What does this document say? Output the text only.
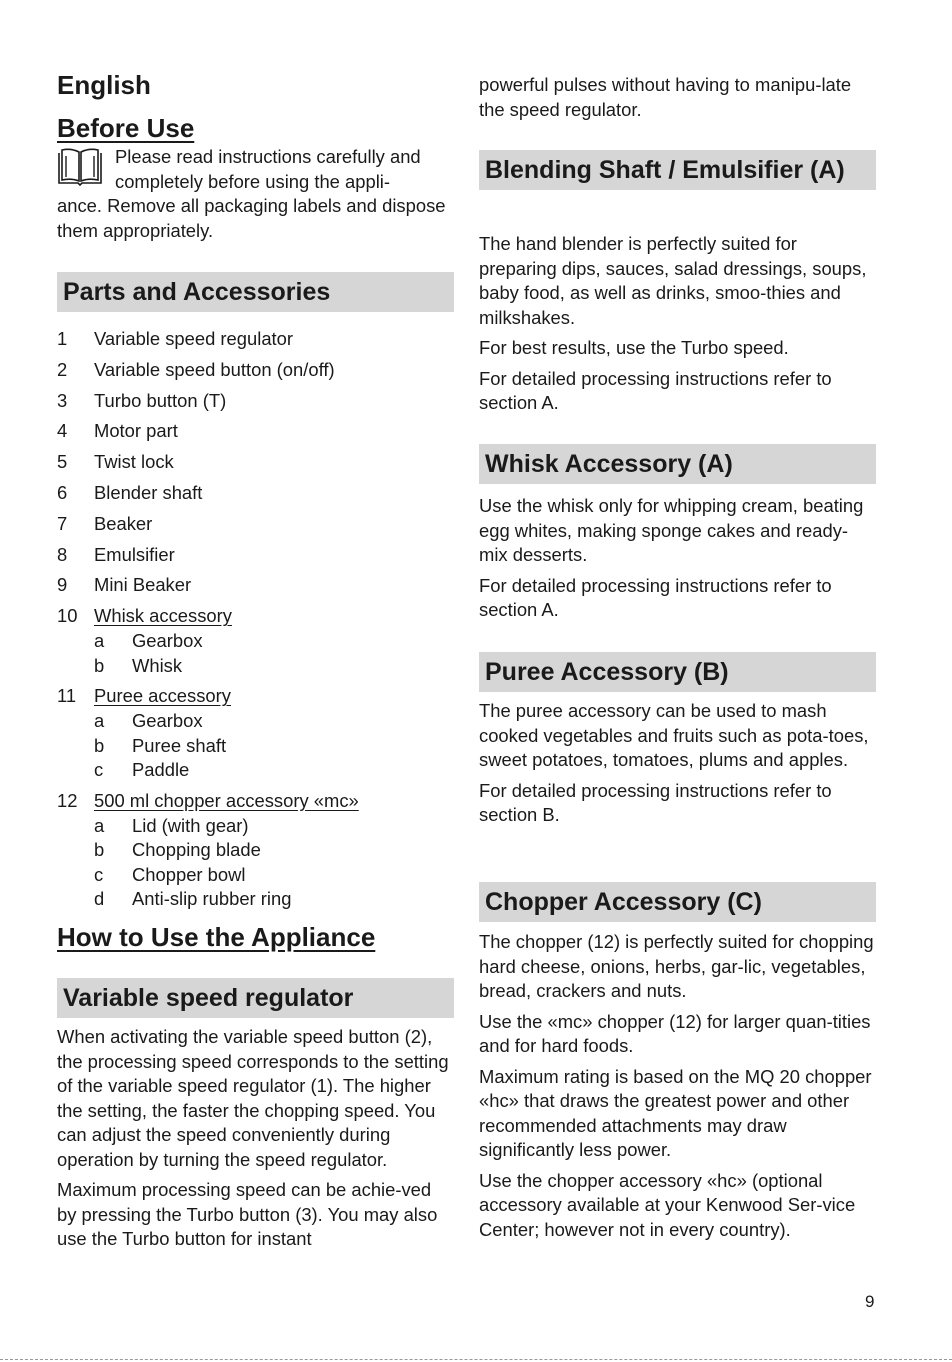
English
Before Use

Please read instructions carefully and

completely before using the appli-

ance. Remove all packaging labels and dispose them appropriately.

Parts and Accessories
1 Variable speed regulator
2 Variable speed button (on/off)
3 Turbo button (T)
4 Motor part
5 Twist lock
6 Blender shaft
7 Beaker
8 Emulsifier
9 Mini Beaker
10 Whisk accessory
a Gearbox
b Whisk
11 Puree accessory
a Gearbox
b Puree shaft
c Paddle
12 500 ml chopper accessory «mc»
a Lid (with gear)
b Chopping blade
c Chopper bowl
d Anti-slip rubber ring
How to Use the Appliance
Variable speed regulator

When activating the variable speed button (2), the processing speed corresponds to the setting of the variable speed regulator (1). The higher the setting, the faster the chopping speed. You can adjust the speed conveniently during operation by turning the speed regulator.

Maximum processing speed can be achie-ved by pressing the Turbo button (3). You may also use the Turbo button for instant

powerful pulses without having to manipu-late the speed regulator.

Blending Shaft / Emulsifier (A)

The hand blender is perfectly suited for preparing dips, sauces, salad dressings, soups, baby food, as well as drinks, smoo-thies and milkshakes.

For best results, use the Turbo speed.

For detailed processing instructions refer to section A.

Whisk Accessory (A)

Use the whisk only for whipping cream, beating egg whites, making sponge cakes and ready-mix desserts.

For detailed processing instructions refer to section A.

Puree Accessory (B)

The puree accessory can be used to mash cooked vegetables and fruits such as pota-toes, sweet potatoes, tomatoes, plums and apples.

For detailed processing instructions refer to section B.

Chopper Accessory (C)

The chopper (12) is perfectly suited for chopping hard cheese, onions, herbs, gar-lic, vegetables, bread, crackers and nuts.

Use the «mc» chopper (12) for larger quan-tities and for hard foods.

Maximum rating is based on the MQ 20 chopper «hc» that draws the greatest power and other recommended attachments may draw significantly less power.

Use the chopper accessory «hc» (optional accessory available at your Kenwood Ser-vice Center; however not in every country).

9
